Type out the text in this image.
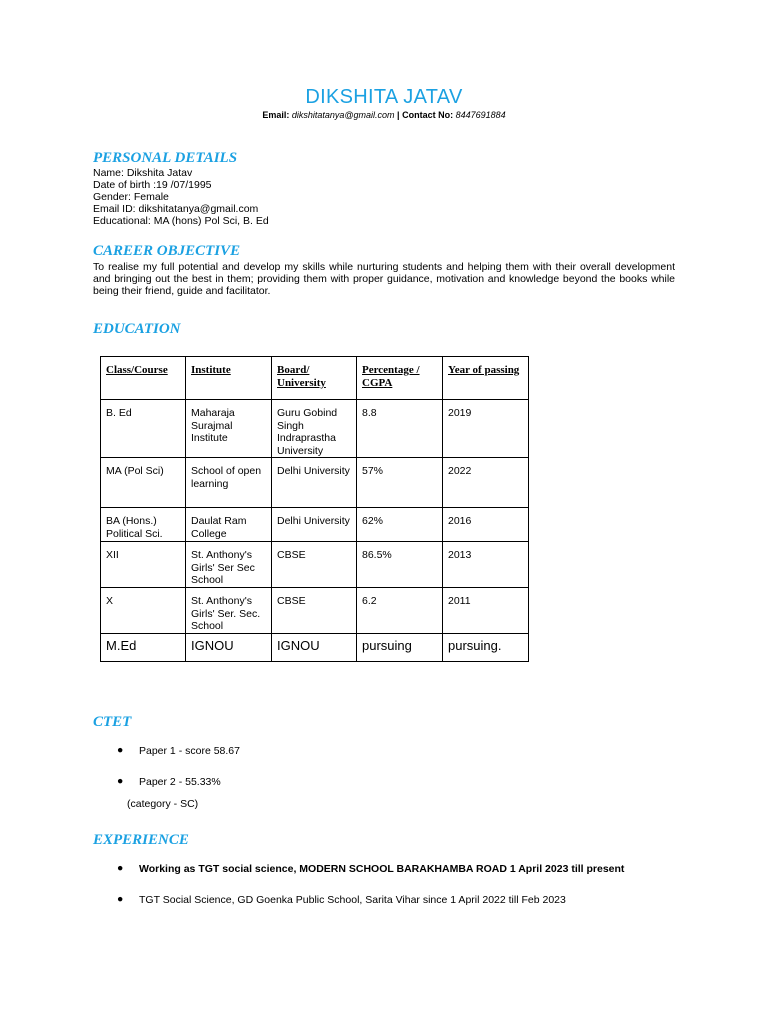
DIKSHITA JATAV
Email: dikshitatanya@gmail.com | Contact No: 8447691884
PERSONAL DETAILS
Name: Dikshita Jatav
Date of birth :19 /07/1995
Gender: Female
Email ID: dikshitatanya@gmail.com
Educational: MA (hons) Pol Sci, B. Ed
CAREER OBJECTIVE
To realise my full potential and develop my skills while nurturing students and helping them with their overall development and bringing out the best in them; providing them with proper guidance, motivation and knowledge beyond the books while being their friend, guide and facilitator.
EDUCATION
Class/Course	Institute	Board/ University	Percentage / CGPA	Year of passing
B. Ed	Maharaja Surajmal Institute	Guru Gobind Singh Indraprastha University	8.8	2019
MA (Pol Sci)	School of open learning	Delhi University	57%	2022
BA (Hons.) Political Sci.	Daulat Ram College	Delhi University	62%	2016
XII	St. Anthony's Girls' Ser Sec School	CBSE	86.5%	2013
X	St. Anthony's Girls' Ser. Sec. School	CBSE	6.2	2011
M.Ed	IGNOU	IGNOU	pursuing	pursuing.
CTET
● Paper 1 - score 58.67
● Paper 2 - 55.33%
(category - SC)
EXPERIENCE
● Working as TGT social science, MODERN SCHOOL BARAKHAMBA ROAD 1 April 2023 till present
● TGT Social Science, GD Goenka Public School, Sarita Vihar since 1 April 2022 till Feb 2023
